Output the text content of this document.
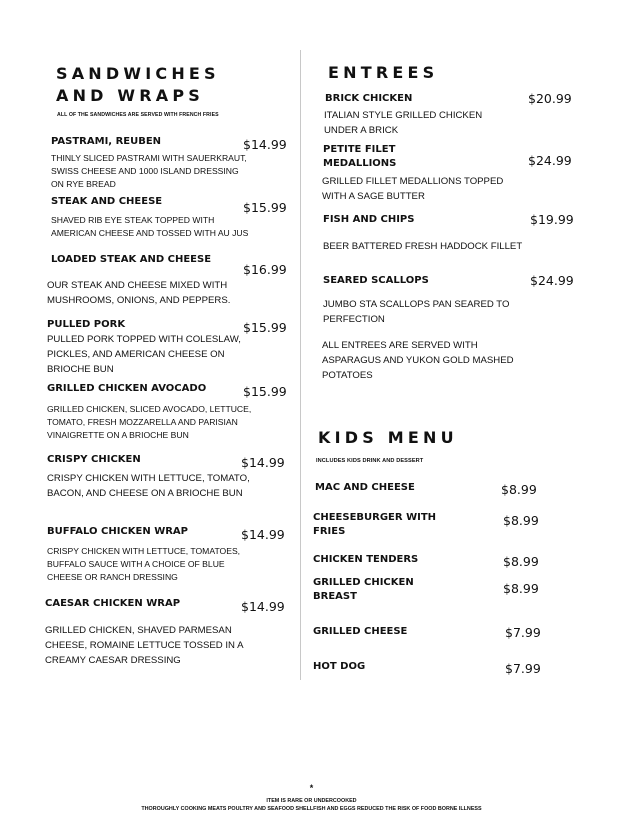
SANDWICHES
AND WRAPS
ALL OF THE SANDWICHES ARE SERVED WITH FRENCH FRIES
PASTRAMI, REUBEN	$14.99
THINLY SLICED PASTRAMI WITH SAUERKRAUT, SWISS CHEESE AND 1000 ISLAND DRESSING ON RYE BREAD
STEAK AND CHEESE	$15.99
SHAVED RIB EYE STEAK TOPPED WITH AMERICAN CHEESE AND TOSSED WITH AU JUS
LOADED STEAK AND CHEESE
$16.99
OUR STEAK AND CHEESE MIXED WITH MUSHROOMS, ONIONS, AND PEPPERS.
PULLED PORK	$15.99
PULLED PORK TOPPED WITH COLESLAW, PICKLES, AND AMERICAN CHEESE ON BRIOCHE BUN
GRILLED CHICKEN AVOCADO	$15.99
GRILLED CHICKEN, SLICED AVOCADO, LETTUCE, TOMATO, FRESH MOZZARELLA AND PARISIAN VINAIGRETTE ON A BRIOCHE BUN
CRISPY CHICKEN	$14.99
CRISPY CHICKEN WITH LETTUCE, TOMATO, BACON, AND CHEESE ON A BRIOCHE BUN
BUFFALO CHICKEN WRAP	$14.99
CRISPY CHICKEN WITH LETTUCE, TOMATOES, BUFFALO SAUCE WITH A CHOICE OF BLUE CHEESE OR RANCH DRESSING
CAESAR CHICKEN WRAP	$14.99
GRILLED CHICKEN, SHAVED PARMESAN CHEESE, ROMAINE LETTUCE TOSSED IN A CREAMY CAESAR DRESSING
ENTREES
BRICK CHICKEN	$20.99
ITALIAN STYLE GRILLED CHICKEN UNDER A BRICK
PETITE FILET MEDALLIONS	$24.99
GRILLED FILLET MEDALLIONS TOPPED WITH A SAGE BUTTER
FISH AND CHIPS	$19.99
BEER BATTERED FRESH HADDOCK FILLET
SEARED SCALLOPS	$24.99
JUMBO STA SCALLOPS PAN SEARED TO PERFECTION
ALL ENTREES ARE SERVED WITH ASPARAGUS AND YUKON GOLD MASHED POTATOES
KIDS MENU
INCLUDES KIDS DRINK AND DESSERT
MAC AND CHEESE	$8.99
CHEESEBURGER WITH FRIES
$8.99
CHICKEN TENDERS	$8.99
GRILLED CHICKEN BREAST
$8.99
GRILLED CHEESE	$7.99
HOT DOG	$7.99
*
ITEM IS RARE OR UNDERCOOKED
THOROUGHLY COOKING MEATS POULTRY AND SEAFOOD SHELLFISH AND EGGS REDUCED THE RISK OF FOOD BORNE ILLNESS
